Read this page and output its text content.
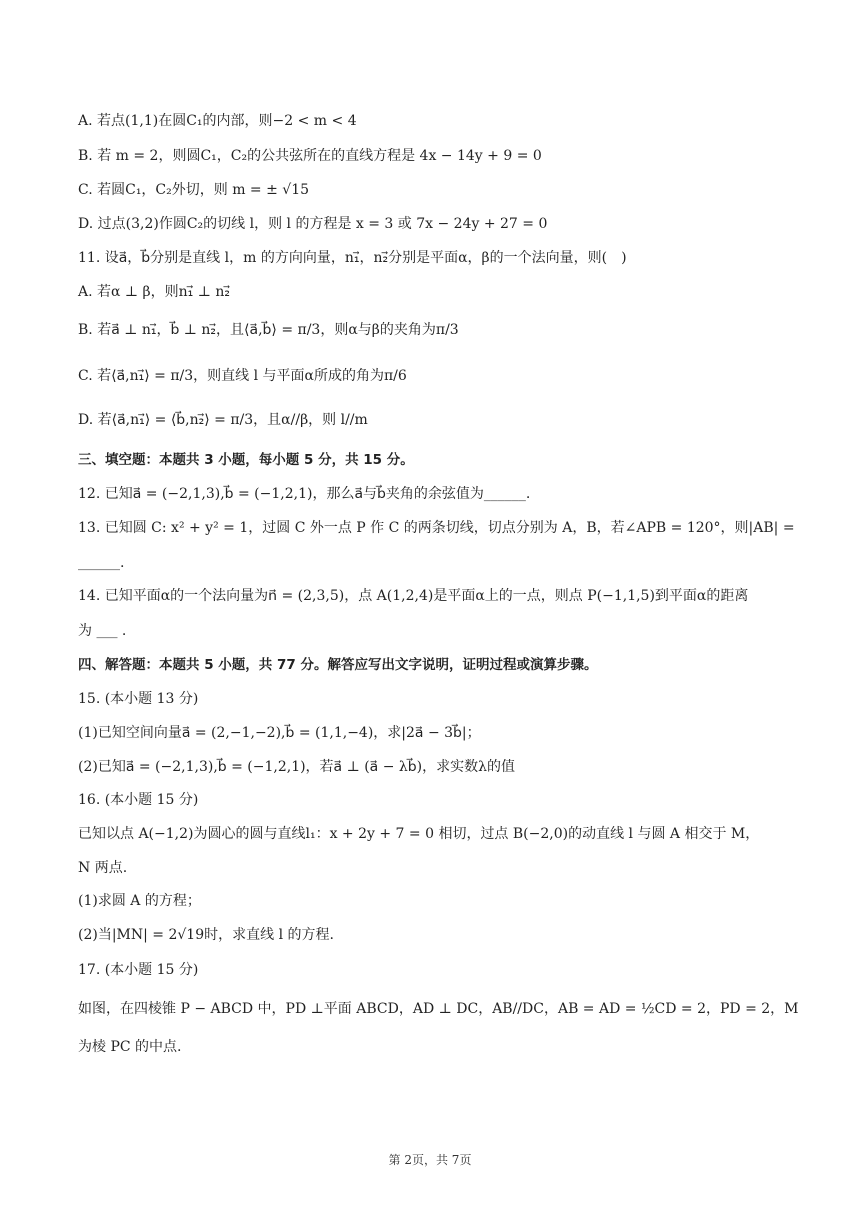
A. 若点(1,1)在圆C₁的内部，则−2 < m < 4
B. 若 m = 2，则圆C₁，C₂的公共弦所在的直线方程是 4x − 14y + 9 = 0
C. 若圆C₁，C₂外切，则 m = ± √15
D. 过点(3,2)作圆C₂的切线 l，则 l 的方程是 x = 3 或 7x − 24y + 27 = 0
11. 设a⃗，b⃗分别是直线 l，m 的方向向量，n₁⃗，n₂⃗分别是平面α，β的一个法向量，则(　)
A. 若α ⊥ β，则n₁⃗ ⊥ n₂⃗
B. 若a⃗ ⊥ n₁⃗，b⃗ ⊥ n₂⃗，且⟨a⃗,b⃗⟩ = π/3，则α与β的夹角为π/3
C. 若⟨a⃗,n₁⃗⟩ = π/3，则直线 l 与平面α所成的角为π/6
D. 若⟨a⃗,n₁⃗⟩ = ⟨b⃗,n₂⃗⟩ = π/3，且α//β，则 l//m
三、填空题：本题共 3 小题，每小题 5 分，共 15 分。
12. 已知a⃗ = (−2,1,3),b⃗ = (−1,2,1)，那么a⃗与b⃗夹角的余弦值为______.
13. 已知圆 C: x² + y² = 1，过圆 C 外一点 P 作 C 的两条切线，切点分别为 A，B，若∠APB = 120°，则|AB| =
______.
14. 已知平面α的一个法向量为n⃗ = (2,3,5)，点 A(1,2,4)是平面α上的一点，则点 P(−1,1,5)到平面α的距离
为 ___ .
四、解答题：本题共 5 小题，共 77 分。解答应写出文字说明，证明过程或演算步骤。
15. (本小题 13 分)
(1)已知空间向量a⃗ = (2,−1,−2),b⃗ = (1,1,−4)，求|2a⃗ − 3b⃗|；
(2)已知a⃗ = (−2,1,3),b⃗ = (−1,2,1)，若a⃗ ⊥ (a⃗ − λb⃗)，求实数λ的值
16. (本小题 15 分)
已知以点 A(−1,2)为圆心的圆与直线l₁：x + 2y + 7 = 0 相切，过点 B(−2,0)的动直线 l 与圆 A 相交于 M，
N 两点.
(1)求圆 A 的方程；
(2)当|MN| = 2√19时，求直线 l 的方程.
17. (本小题 15 分)
如图，在四棱锥 P − ABCD 中，PD ⊥平面 ABCD，AD ⊥ DC，AB//DC，AB = AD = ½CD = 2，PD = 2，M
为棱 PC 的中点.
第 2页，共 7页
